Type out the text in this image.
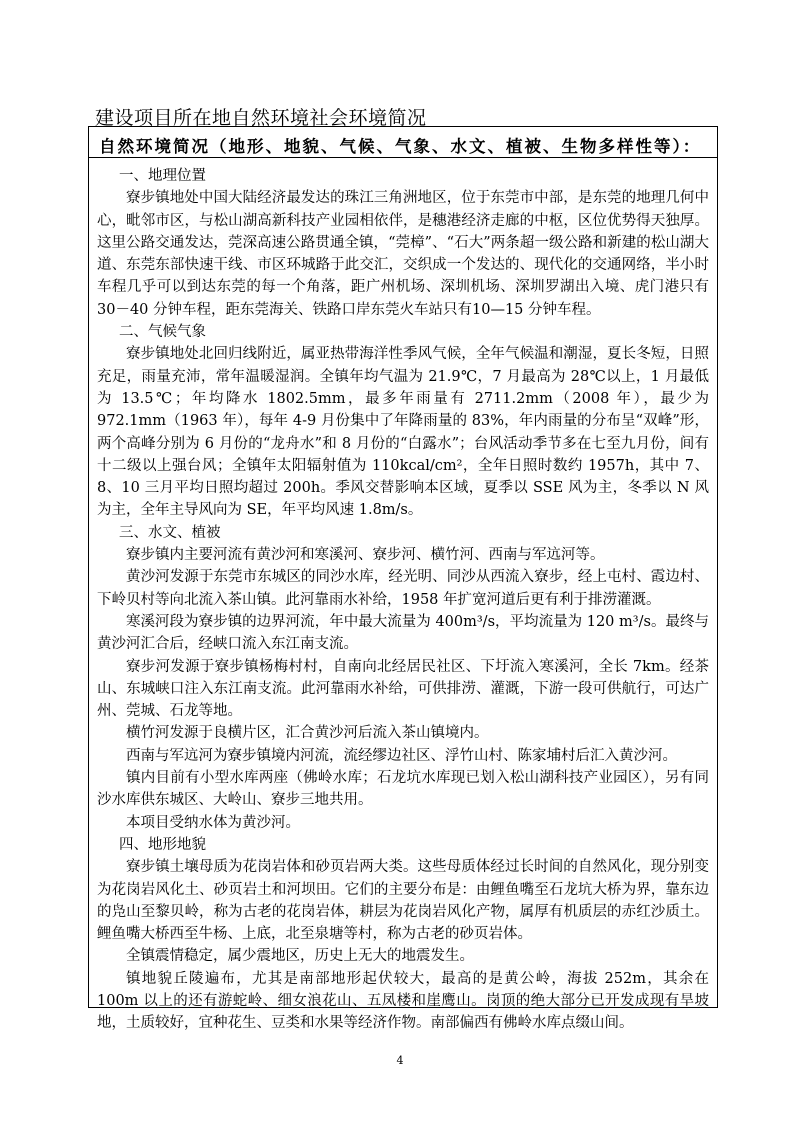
建设项目所在地自然环境社会环境简况
自然环境简况（地形、地貌、气候、气象、水文、植被、生物多样性等）：
一、地理位置

寮步镇地处中国大陆经济最发达的珠江三角洲地区，位于东莞市中部，是东莞的地理几何中心，毗邻市区，与松山湖高新科技产业园相依伴，是穗港经济走廊的中枢，区位优势得天独厚。这里公路交通发达，莞深高速公路贯通全镇，“莞樟”、“石大”两条超一级公路和新建的松山湖大道、东莞东部快速干线、市区环城路于此交汇，交织成一个发达的、现代化的交通网络，半小时车程几乎可以到达东莞的每一个角落，距广州机场、深圳机场、深圳罗湖出入境、虎门港只有 30－40 分钟车程，距东莞海关、铁路口岸东莞火车站只有10—15 分钟车程。

二、气候气象

寮步镇地处北回归线附近，属亚热带海洋性季风气候，全年气候温和潮湿，夏长冬短，日照充足，雨量充沛，常年温暖湿润。全镇年均气温为 21.9℃，7 月最高为 28℃以上，1 月最低为 13.5℃；年均降水 1802.5mm，最多年雨量有 2711.2mm（2008 年），最少为 972.1mm（1963 年），每年 4-9 月份集中了年降雨量的 83%，年内雨量的分布呈“双峰”形，两个高峰分别为 6 月份的“龙舟水”和 8 月份的“白露水”；台风活动季节多在七至九月份，间有十二级以上强台风；全镇年太阳辐射值为 110kcal/cm²，全年日照时数约 1957h，其中 7、8、10 三月平均日照均超过 200h。季风交替影响本区域，夏季以 SSE 风为主，冬季以 N 风为主，全年主导风向为 SE，年平均风速 1.8m/s。

三、水文、植被

寮步镇内主要河流有黄沙河和寒溪河、寮步河、横竹河、西南与军迒河等。

黄沙河发源于东莞市东城区的同沙水库，经光明、同沙从西流入寮步，经上屯村、霞边村、下岭贝村等向北流入茶山镇。此河靠雨水补给，1958 年扩宽河道后更有利于排涝灌溉。

寒溪河段为寮步镇的边界河流，年中最大流量为 400m³/s，平均流量为 120 m³/s。最终与黄沙河汇合后，经峡口流入东江南支流。

寮步河发源于寮步镇杨梅村村，自南向北经居民社区、下圩流入寒溪河，全长 7km。经茶山、东城峡口注入东江南支流。此河靠雨水补给，可供排涝、灌溉，下游一段可供航行，可达广州、莞城、石龙等地。

横竹河发源于良横片区，汇合黄沙河后流入茶山镇境内。

西南与军迒河为寮步镇境内河流，流经缪边社区、浮竹山村、陈家埔村后汇入黄沙河。

镇内目前有小型水库两座（佛岭水库；石龙坑水库现已划入松山湖科技产业园区），另有同沙水库供东城区、大岭山、寮步三地共用。

本项目受纳水体为黄沙河。

四、地形地貌

寮步镇土壤母质为花岗岩体和砂页岩两大类。这些母质体经过长时间的自然风化，现分别变为花岗岩风化土、砂页岩土和河坝田。它们的主要分布是：由鲤鱼嘴至石龙坑大桥为界，靠东边的凫山至黎贝岭，称为古老的花岗岩体，耕层为花岗岩风化产物，属厚有机质层的赤红沙质土。鲤鱼嘴大桥西至牛杨、上底，北至泉塘等村，称为古老的砂页岩体。

全镇震情稳定，属少震地区，历史上无大的地震发生。

镇地貌丘陵遍布，尤其是南部地形起伏较大，最高的是黄公岭，海拔 252m，其余在 100m 以上的还有游蛇岭、细女浪花山、五凤楼和崖鹰山。岗顶的绝大部分已开发成现有旱坡地，土质较好，宜种花生、豆类和水果等经济作物。南部偏西有佛岭水库点缀山间。

4
